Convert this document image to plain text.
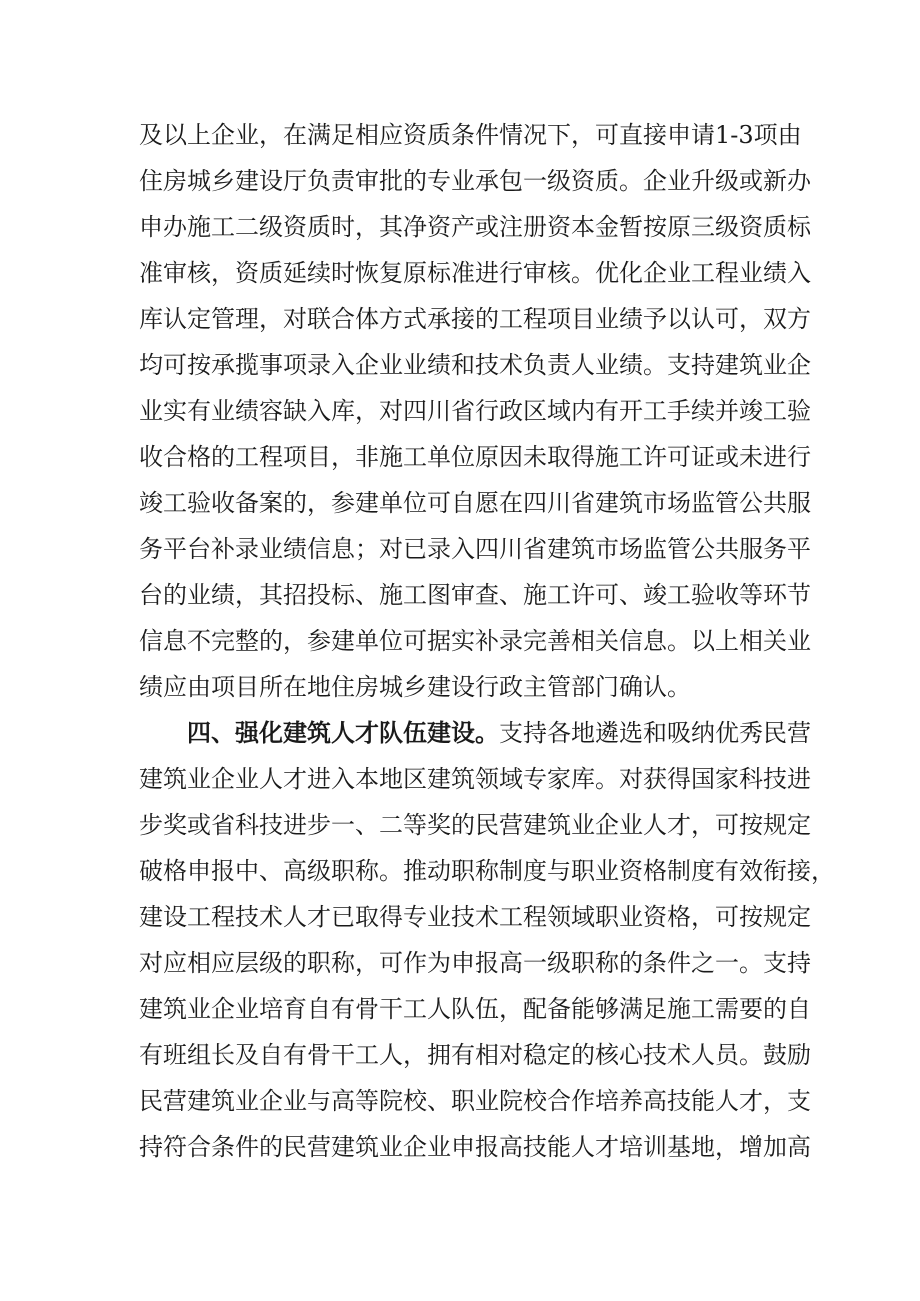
及以上企业，在满足相应资质条件情况下，可直接申请1-3项由
住房城乡建设厅负责审批的专业承包一级资质。企业升级或新办
申办施工二级资质时，其净资产或注册资本金暂按原三级资质标
准审核，资质延续时恢复原标准进行审核。优化企业工程业绩入
库认定管理，对联合体方式承接的工程项目业绩予以认可，双方
均可按承揽事项录入企业业绩和技术负责人业绩。支持建筑业企
业实有业绩容缺入库，对四川省行政区域内有开工手续并竣工验
收合格的工程项目，非施工单位原因未取得施工许可证或未进行
竣工验收备案的，参建单位可自愿在四川省建筑市场监管公共服
务平台补录业绩信息；对已录入四川省建筑市场监管公共服务平
台的业绩，其招投标、施工图审查、施工许可、竣工验收等环节
信息不完整的，参建单位可据实补录完善相关信息。以上相关业
绩应由项目所在地住房城乡建设行政主管部门确认。
四、强化建筑人才队伍建设。支持各地遴选和吸纳优秀民营
建筑业企业人才进入本地区建筑领域专家库。对获得国家科技进
步奖或省科技进步一、二等奖的民营建筑业企业人才，可按规定
破格申报中、高级职称。推动职称制度与职业资格制度有效衔接，
建设工程技术人才已取得专业技术工程领域职业资格，可按规定
对应相应层级的职称，可作为申报高一级职称的条件之一。支持
建筑业企业培育自有骨干工人队伍，配备能够满足施工需要的自
有班组长及自有骨干工人，拥有相对稳定的核心技术人员。鼓励
民营建筑业企业与高等院校、职业院校合作培养高技能人才，支
持符合条件的民营建筑业企业申报高技能人才培训基地，增加高
